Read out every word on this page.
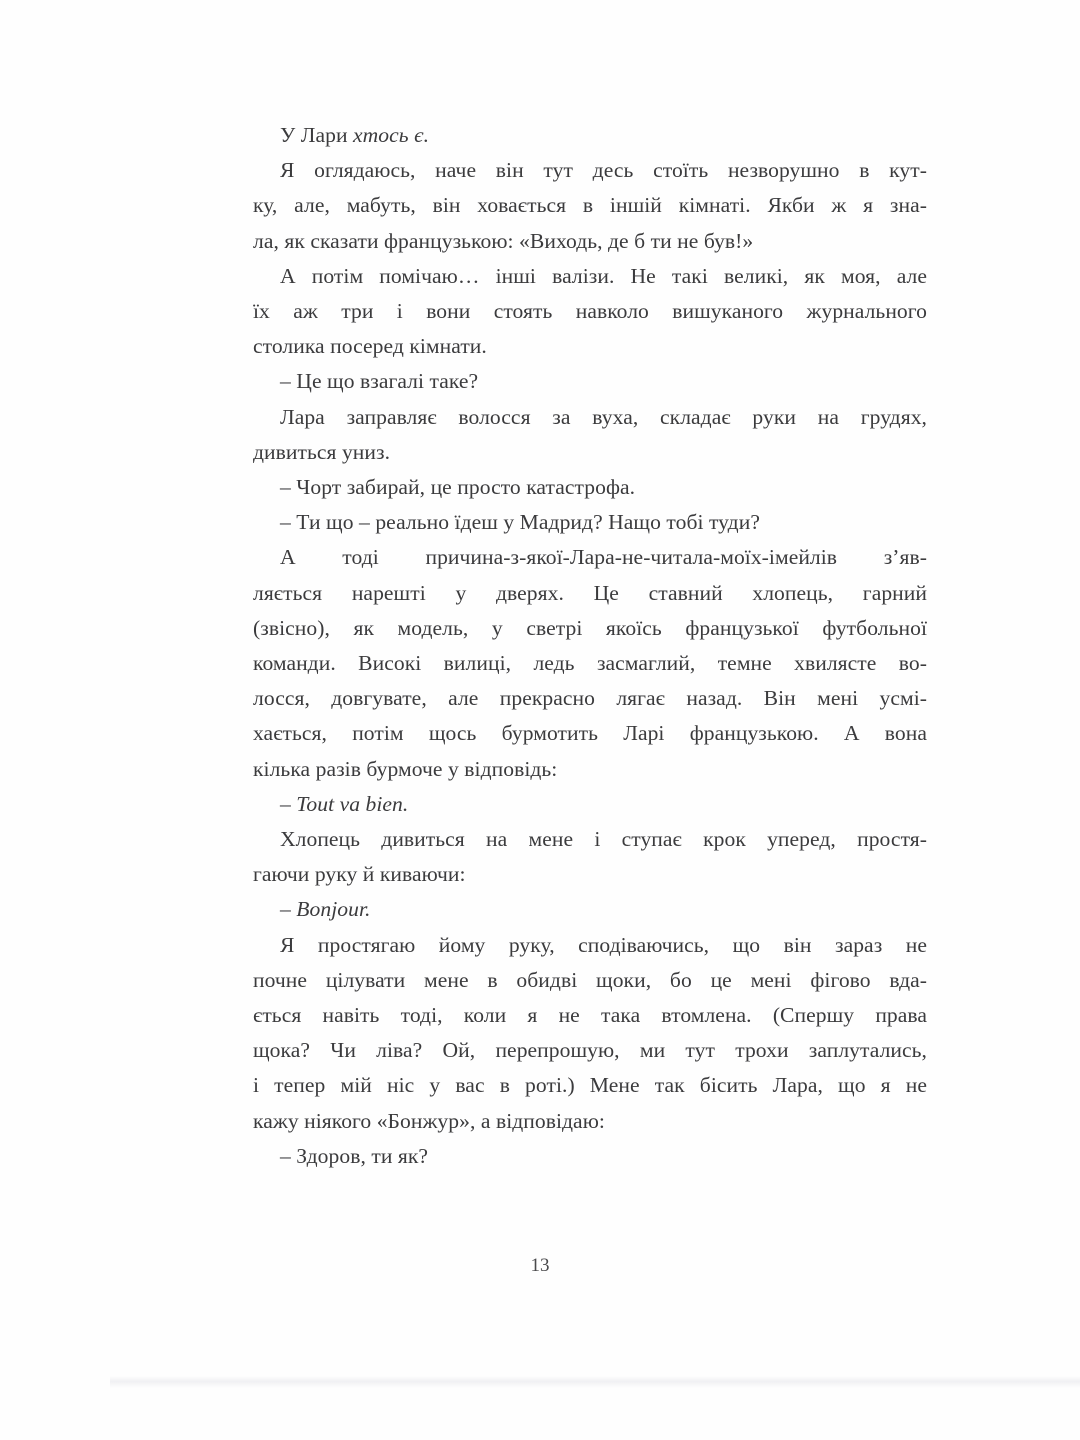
У Лари хтось є.
Я оглядаюсь, наче він тут десь стоїть незворушно в кут-
ку, але, мабуть, він ховається в іншій кімнаті. Якби ж я зна-
ла, як сказати французькою: «Виходь, де б ти не був!»
А потім помічаю… інші валізи. Не такі великі, як моя, але
їх аж три і вони стоять навколо вишуканого журнального
столика посеред кімнати.
– Це що взагалі таке?
Лара заправляє волосся за вуха, складає руки на грудях,
дивиться униз.
– Чорт забирай, це просто катастрофа.
– Ти що – реально їдеш у Мадрид? Нащо тобі туди?
А тоді причина-з-якої-Лара-не-читала-моїх-імейлів з’яв-
ляється нарешті у дверях. Це ставний хлопець, гарний
(звісно), як модель, у светрі якоїсь французької футбольної
команди. Високі вилиці, ледь засмаглий, темне хвилясте во-
лосся, довгувате, але прекрасно лягає назад. Він мені усмі-
хається, потім щось бурмотить Ларі французькою. А вона
кілька разів бурмоче у відповідь:
– Tout va bien.
Хлопець дивиться на мене і ступає крок уперед, простя-
гаючи руку й киваючи:
– Bonjour.
Я простягаю йому руку, сподіваючись, що він зараз не
почне цілувати мене в обидві щоки, бо це мені фігово вда-
ється навіть тоді, коли я не така втомлена. (Спершу права
щока? Чи ліва? Ой, перепрошую, ми тут трохи заплутались,
і тепер мій ніс у вас в роті.) Мене так бісить Лара, що я не
кажу ніякого «Бонжур», а відповідаю:
– Здоров, ти як?
13
